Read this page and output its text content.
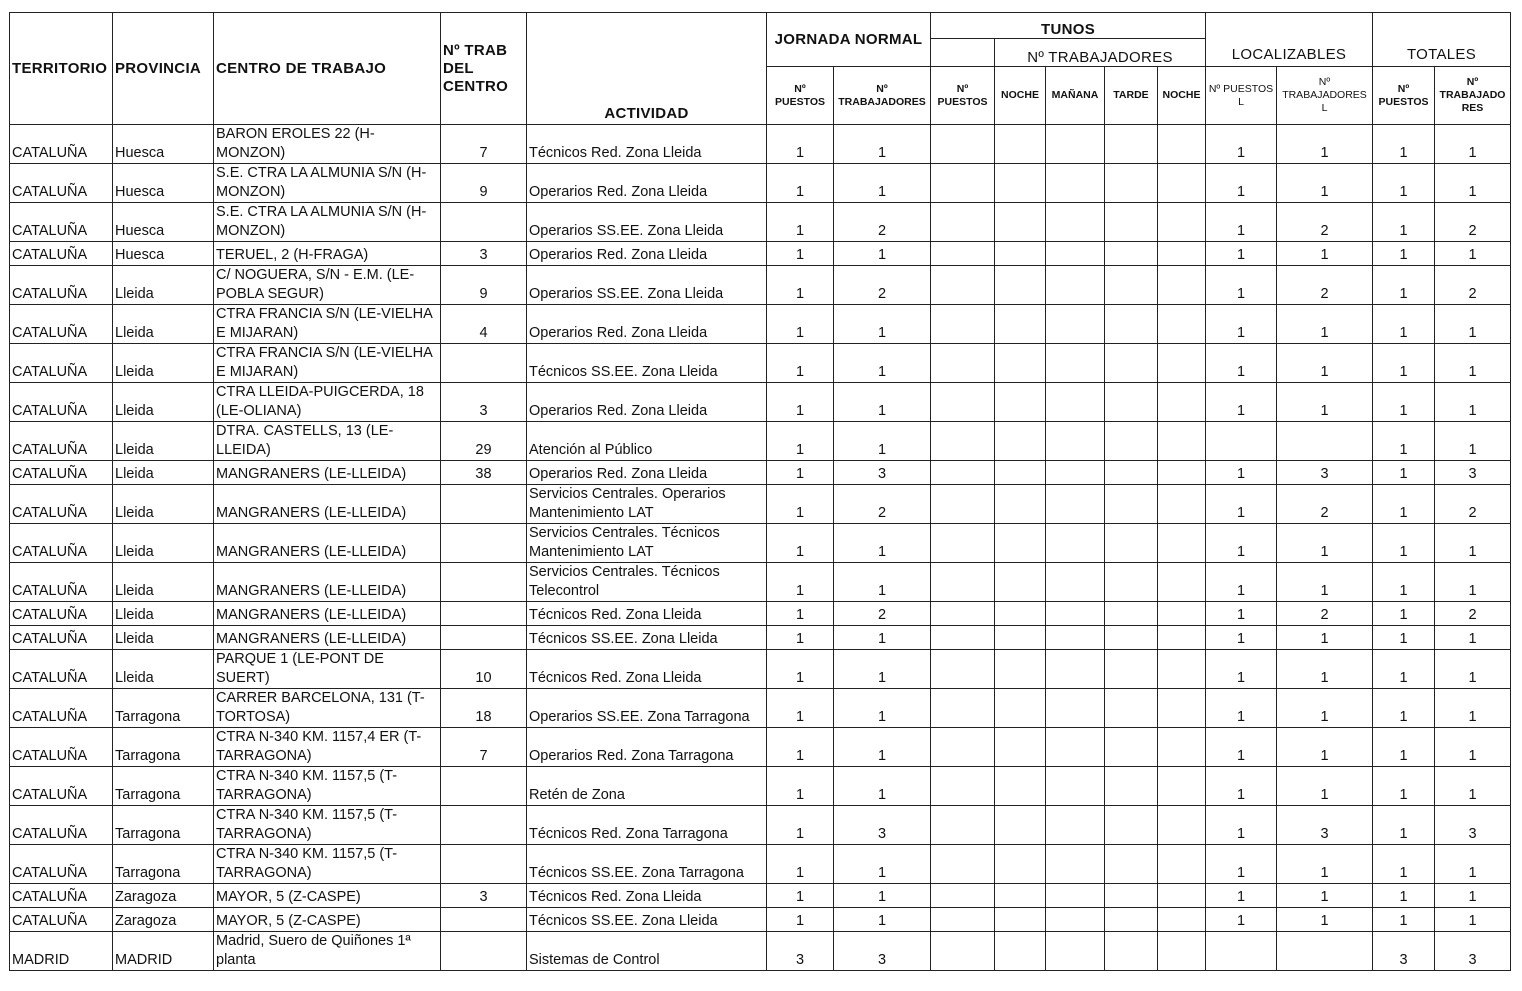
TERRITORIO	PROVINCIA	CENTRO DE TRABAJO	Nº TRAB DEL CENTRO	ACTIVIDAD	JORNADA NORMAL		TUNOS					LOCALIZABLES		TOTALES	
								Nº TRABAJADORES							
					Nº PUESTOS	Nº TRABAJADORES	Nº PUESTOS	NOCHE	MAÑANA	TARDE	NOCHE	Nº PUESTOS L	Nº TRABAJADORES L	Nº PUESTOS	Nº TRABAJADO RES
CATALUÑA	Huesca	BARON EROLES 22 (H-MONZON)	7	Técnicos Red. Zona Lleida	1	1						1	1	1	1
CATALUÑA	Huesca	S.E. CTRA LA ALMUNIA S/N (H-MONZON)	9	Operarios Red. Zona Lleida	1	1						1	1	1	1
CATALUÑA	Huesca	S.E. CTRA LA ALMUNIA S/N (H-MONZON)		Operarios SS.EE. Zona Lleida	1	2						1	2	1	2
CATALUÑA	Huesca	TERUEL, 2 (H-FRAGA)	3	Operarios Red. Zona Lleida	1	1						1	1	1	1
CATALUÑA	Lleida	C/ NOGUERA, S/N - E.M. (LE-POBLA SEGUR)	9	Operarios SS.EE. Zona Lleida	1	2						1	2	1	2
CATALUÑA	Lleida	CTRA FRANCIA S/N (LE-VIELHA E MIJARAN)	4	Operarios Red. Zona Lleida	1	1						1	1	1	1
CATALUÑA	Lleida	CTRA FRANCIA S/N (LE-VIELHA E MIJARAN)		Técnicos SS.EE. Zona Lleida	1	1						1	1	1	1
CATALUÑA	Lleida	CTRA LLEIDA-PUIGCERDA, 18 (LE-OLIANA)	3	Operarios Red. Zona Lleida	1	1						1	1	1	1
CATALUÑA	Lleida	DTRA. CASTELLS, 13 (LE-LLEIDA)	29	Atención al Público	1	1								1	1
CATALUÑA	Lleida	MANGRANERS (LE-LLEIDA)	38	Operarios Red. Zona Lleida	1	3						1	3	1	3
CATALUÑA	Lleida	MANGRANERS (LE-LLEIDA)		Servicios Centrales. Operarios Mantenimiento LAT	1	2						1	2	1	2
CATALUÑA	Lleida	MANGRANERS (LE-LLEIDA)		Servicios Centrales. Técnicos Mantenimiento LAT	1	1						1	1	1	1
CATALUÑA	Lleida	MANGRANERS (LE-LLEIDA)		Servicios Centrales. Técnicos Telecontrol	1	1						1	1	1	1
CATALUÑA	Lleida	MANGRANERS (LE-LLEIDA)		Técnicos Red. Zona Lleida	1	2						1	2	1	2
CATALUÑA	Lleida	MANGRANERS (LE-LLEIDA)		Técnicos SS.EE. Zona Lleida	1	1						1	1	1	1
CATALUÑA	Lleida	PARQUE 1 (LE-PONT DE SUERT)	10	Técnicos Red. Zona Lleida	1	1						1	1	1	1
CATALUÑA	Tarragona	CARRER BARCELONA, 131 (T-TORTOSA)	18	Operarios SS.EE. Zona Tarragona	1	1						1	1	1	1
CATALUÑA	Tarragona	CTRA N-340 KM. 1157,4 ER (T-TARRAGONA)	7	Operarios Red. Zona Tarragona	1	1						1	1	1	1
CATALUÑA	Tarragona	CTRA N-340 KM. 1157,5 (T-TARRAGONA)		Retén de Zona	1	1						1	1	1	1
CATALUÑA	Tarragona	CTRA N-340 KM. 1157,5 (T-TARRAGONA)		Técnicos Red. Zona Tarragona	1	3						1	3	1	3
CATALUÑA	Tarragona	CTRA N-340 KM. 1157,5 (T-TARRAGONA)		Técnicos SS.EE. Zona Tarragona	1	1						1	1	1	1
CATALUÑA	Zaragoza	MAYOR, 5 (Z-CASPE)	3	Técnicos Red. Zona Lleida	1	1						1	1	1	1
CATALUÑA	Zaragoza	MAYOR, 5 (Z-CASPE)		Técnicos SS.EE. Zona Lleida	1	1						1	1	1	1
MADRID	MADRID	Madrid, Suero de Quiñones 1ª planta		Sistemas de Control	3	3								3	3
